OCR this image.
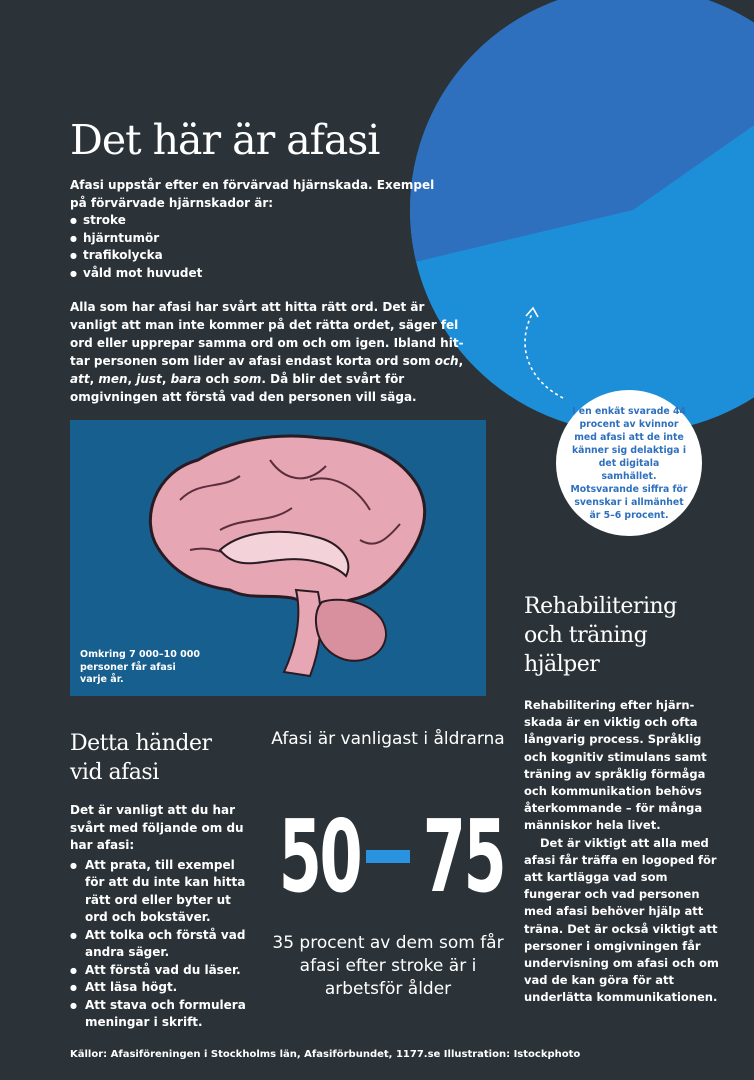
Det här är afasi
Afasi uppstår efter en förvärvad hjärnskada. Exempel på förvärvade hjärnskador är:
● stroke
● hjärntumör
● trafikolycka
● våld mot huvudet
Alla som har afasi har svårt att hitta rätt ord. Det är vanligt att man inte kommer på det rätta ordet, säger fel ord eller upprepar samma ord om och om igen. Ibland hittar personen som lider av afasi endast korta ord som och, att, men, just, bara och som. Då blir det svårt för omgivningen att förstå vad den personen vill säga.
Omkring 7 000–10 000 personer får afasi varje år.
I en enkät svarade 44 procent av kvinnor med afasi att de inte känner sig delaktiga i det digitala samhället. Motsvarande siffra för svenskar i allmänhet är 5–6 procent.
Detta händer vid afasi
Det är vanligt att du har svårt med följande om du har afasi:
● Att prata, till exempel för att du inte kan hitta rätt ord eller byter ut ord och bokstäver.
● Att tolka och förstå vad andra säger.
● Att förstå vad du läser.
● Att läsa högt.
● Att stava och formulera meningar i skrift.
Afasi är vanligast i åldrarna
50 75
35 procent av dem som får afasi efter stroke är i arbetsför ålder
Rehabilitering och träning hjälper

Rehabilitering efter hjärnskada är en viktig och ofta långvarig process. Språklig och kognitiv stimulans samt träning av språklig förmåga och kommunikation behövs återkommande – för många människor hela livet.

Det är viktigt att alla med afasi får träffa en logoped för att kartlägga vad som fungerar och vad personen med afasi behöver hjälp att träna. Det är också viktigt att personer i omgivningen får undervisning om afasi och om vad de kan göra för att underlätta kommunikationen.

Källor: Afasiföreningen i Stockholms län, Afasiförbundet, 1177.se Illustration: Istockphoto
